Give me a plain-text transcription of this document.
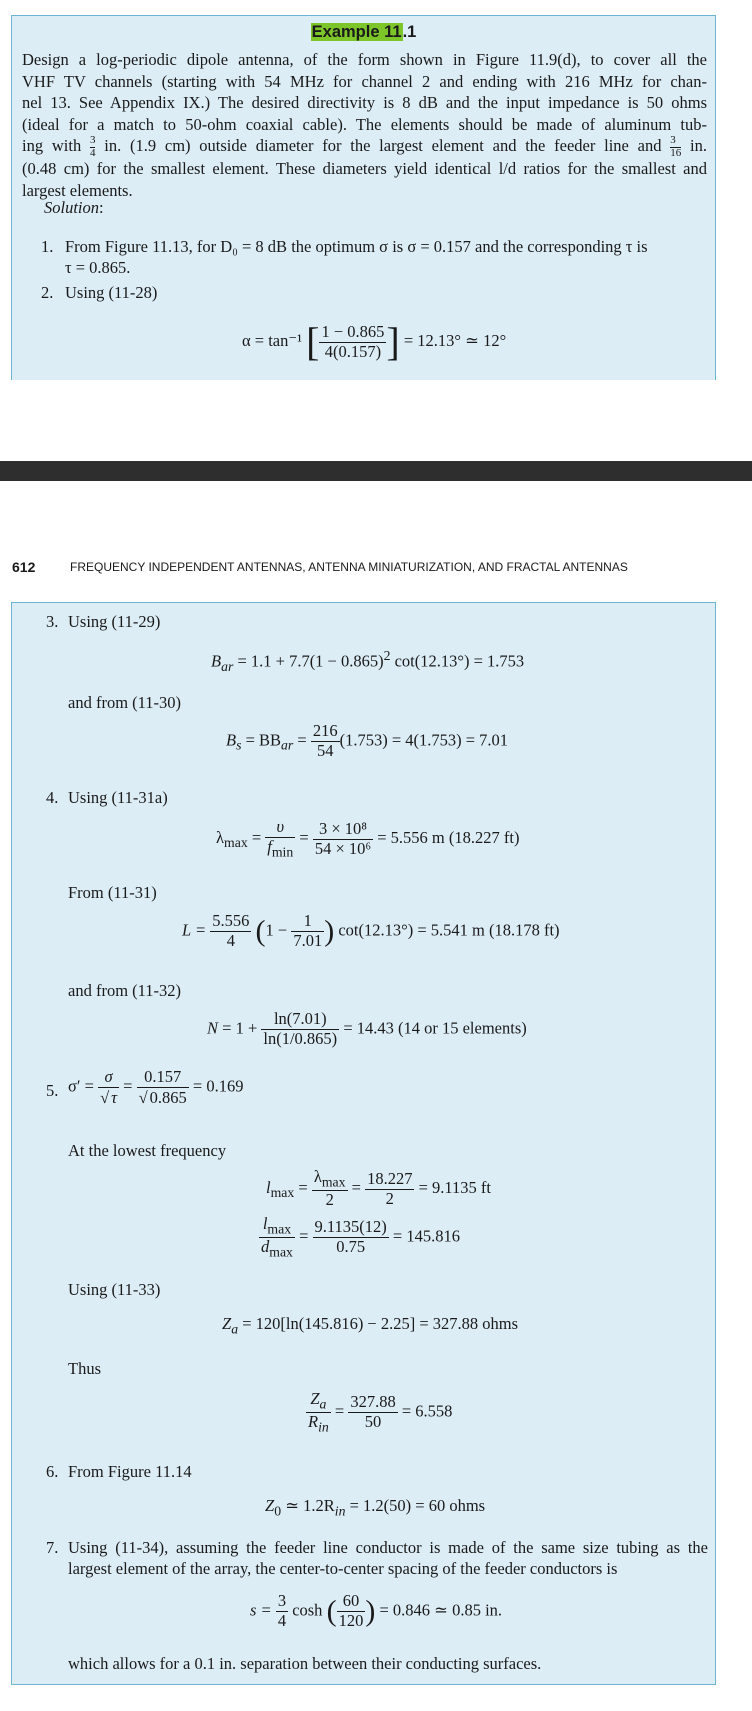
Example 11.1
Design a log-periodic dipole antenna, of the form shown in Figure 11.9(d), to cover all the
VHF TV channels (starting with 54 MHz for channel 2 and ending with 216 MHz for chan-
nel 13. See Appendix IX.) The desired directivity is 8 dB and the input impedance is 50 ohms
(ideal for a match to 50-ohm coaxial cable). The elements should be made of aluminum tub-
ing with $\frac{3}{4}$ in. (1.9 cm) outside diameter for the largest element and the feeder line and $\frac{3}{16}$ in.
(0.48 cm) for the smallest element. These diameters yield identical l/d ratios for the smallest and
largest elements.
Solution:
1. From Figure 11.13, for D₀ = 8 dB the optimum σ is σ = 0.157 and the corresponding τ is
τ = 0.865.
2. Using (11-28)
α = tan⁻¹ [ $\frac{1 - 0.865}{4(0.157)}$ ] = 12.13° ≃ 12°
612	FREQUENCY INDEPENDENT ANTENNAS, ANTENNA MINIATURIZATION, AND FRACTAL ANTENNAS
3. Using (11-29)
$B_{ar} = 1.1 + 7.7(1 - 0.865)^2$ cot(12.13°) = 1.753
and from (11-30)
$B_s = BB_{ar} = \frac{216}{54} (1.753) = 4(1.753) = 7.01$
4. Using (11-31a)
$\lambda_{max} = \frac{\upsilon}{f_{min}} = \frac{\text{3 × 10⁸}}{\text{54 × 10⁶}} = 5.556$ m (18.227 ft)
From (11-31)
$L = \frac{5.556}{4} (1 - \frac{1}{7.01}$ ) cot(12.13°) = 5.541 m (18.178 ft)
and from (11-32)
$N = 1 + \frac{\ln(7.01)}{\ln(1/0.865)} = 14.43$ (14 or 15 elements)
5. $\sigma' = \frac{\sigma}{√ \tau} = \frac{0.157}{√ 0.865} = 0.169$
At the lowest frequency
$l_{max} = \frac{\lambda_{max}}{2} = \frac{18.227}{2} = 9.1135$ ft
$\frac{l_{max}}{d_{max}} = \frac{9.1135(12)}{0.75} = 145.816$
Using (11-33)
$Z_a = 120[\ln(145.816) - 2.25] = 327.88$ ohms
Thus
$\frac{Z_a}{R_{in}} = \frac{327.88}{50} = 6.558$
6. From Figure 11.14
$Z_0$ ≃ $1.2R_{in} = 1.2(50) = 60$ ohms
7. Using (11-34), assuming the feeder line conductor is made of the same size tubing as the
largest element of the array, the center-to-center spacing of the feeder conductors is
$s = \frac{3}{4}$ cosh ( $\frac{60}{120}$ ) = 0.846 ≃ 0.85 in.
which allows for a 0.1 in. separation between their conducting surfaces.
